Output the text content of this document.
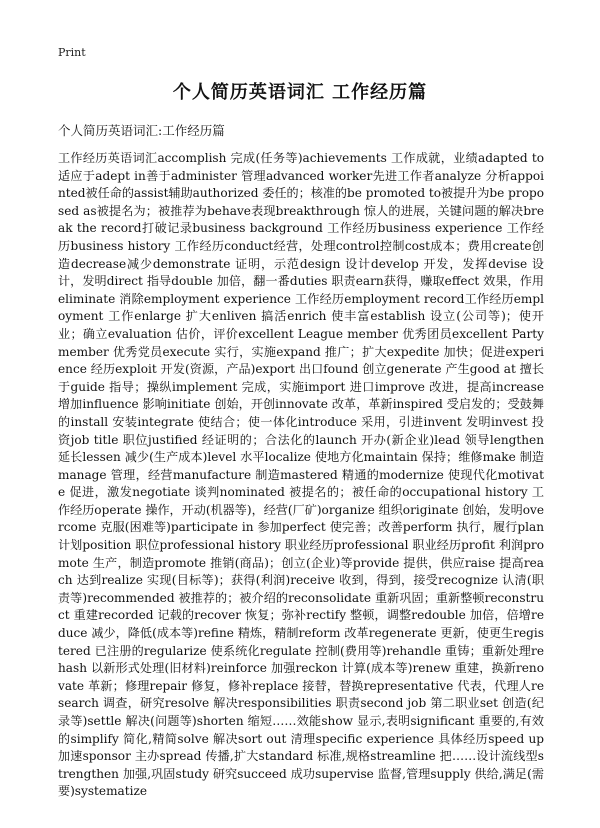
Print
个人简历英语词汇 工作经历篇
个人简历英语词汇:工作经历篇
工作经历英语词汇accomplish 完成(任务等)achievements 工作成就，业绩adapted to适应于adept in善于administer 管理advanced worker先进工作者analyze 分析appointed被任命的assist辅助authorized 委任的；核准的be promoted to被提升为be proposed as被提名为；被推荐为behave表现breakthrough 惊人的进展，关键问题的解决break the record打破记录business background 工作经历business experience 工作经历business history 工作经历conduct经营，处理control控制cost成本；费用create创造decrease减少demonstrate 证明，示范design 设计develop 开发，发挥devise 设计，发明direct 指导double 加倍，翻一番duties 职责earn获得，赚取effect 效果，作用eliminate 消除employment experience 工作经历employment record工作经历employment 工作enlarge 扩大enliven 搞活enrich 使丰富establish 设立(公司等)；使开业；确立evaluation 估价，评价excellent League member 优秀团员excellent Party member 优秀党员execute 实行，实施expand 推广；扩大expedite 加快；促进experience 经历exploit 开发(资源，产品)export 出口found 创立generate 产生good at 擅长于guide 指导；操纵implement 完成，实施import 进口improve 改进，提高increase 增加influence 影响initiate 创始，开创innovate 改革，革新inspired 受启发的；受鼓舞的install 安装integrate 使结合；使一体化introduce 采用，引进invent 发明invest 投资job title 职位justified 经证明的；合法化的launch 开办(新企业)lead 领导lengthen 延长lessen 减少(生产成本)level 水平localize 使地方化maintain 保持；维修make 制造manage 管理，经营manufacture 制造mastered 精通的modernize 使现代化motivate 促进，激发negotiate 谈判nominated 被提名的；被任命的occupational history 工作经历operate 操作，开动(机器等)，经营(厂矿)organize 组织originate 创始，发明overcome 克服(困难等)participate in 参加perfect 使完善；改善perform 执行，履行plan 计划position 职位professional history 职业经历professional 职业经历profit 利润promote 生产，制造promote 推销(商品)；创立(企业)等provide 提供，供应raise 提高reach 达到realize 实现(目标等)；获得(利润)receive 收到，得到，接受recognize 认清(职责等)recommended 被推荐的；被介绍的reconsolidate 重新巩固；重新整顿reconstruct 重建recorded 记载的recover 恢复；弥补rectify 整顿，调整redouble 加倍，倍增reduce 减少，降低(成本等)refine 精炼，精制reform 改革regenerate 更新，使更生registered 已注册的regularize 使系统化regulate 控制(费用等)rehandle 重铸；重新处理rehash 以新形式处理(旧材料)reinforce 加强reckon 计算(成本等)renew 重建，换新renovate 革新；修理repair 修复，修补replace 接替，替换representative 代表，代理人research 调查，研究resolve 解决responsibilities 职责second job 第二职业set 创造(纪录等)settle 解决(问题等)shorten 缩短……效能show 显示,表明significant 重要的,有效的simplify 简化,精简solve 解决sort out 清理specific experience 具体经历speed up 加速sponsor 主办spread 传播,扩大standard 标准,规格streamline 把……设计流线型strengthen 加强,巩固study 研究succeed 成功supervise 监督,管理supply 供给,满足(需要)systematize
